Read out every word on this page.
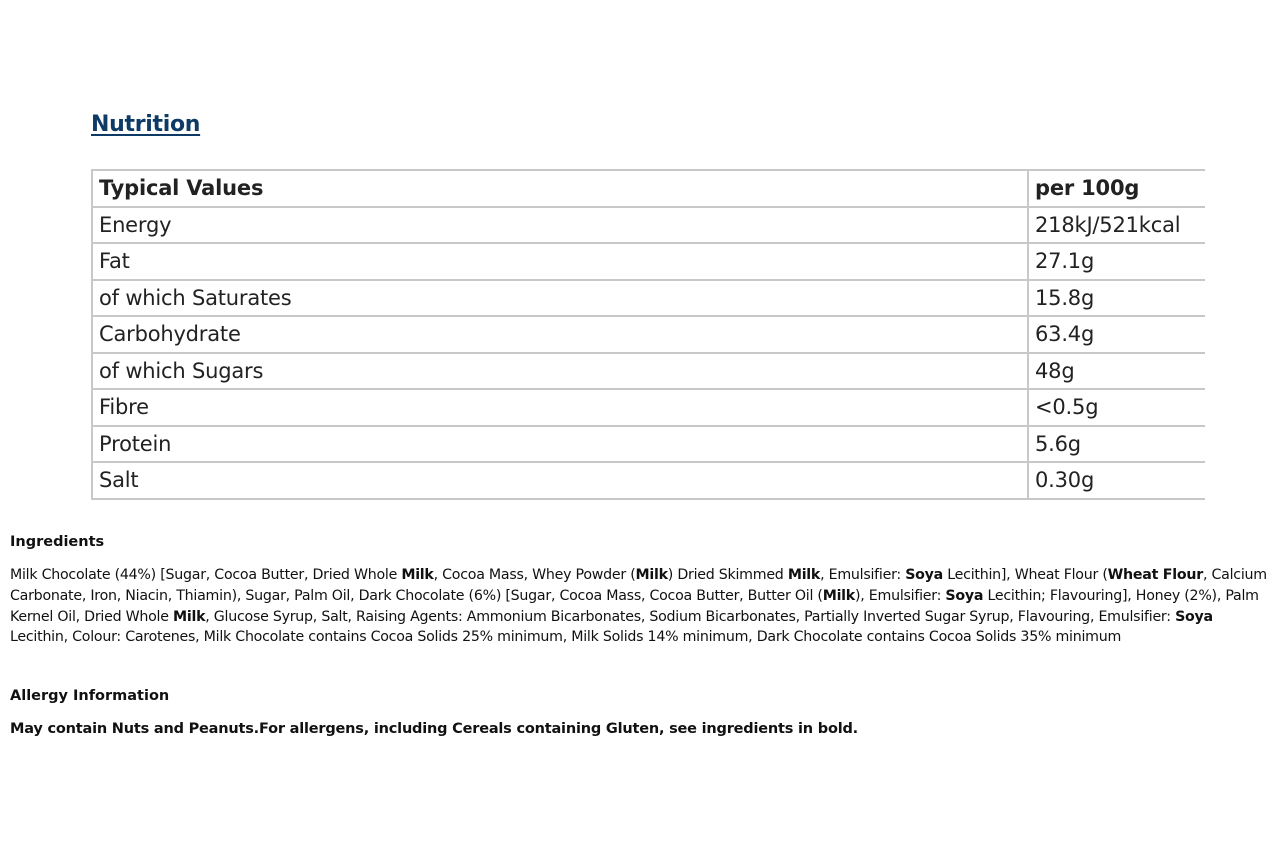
Nutrition
Typical Values	per 100g
Energy	218kJ/521kcal
Fat	27.1g
of which Saturates	15.8g
Carbohydrate	63.4g
of which Sugars	48g
Fibre	<0.5g
Protein	5.6g
Salt	0.30g
Ingredients

Milk Chocolate (44%) [Sugar, Cocoa Butter, Dried Whole Milk, Cocoa Mass, Whey Powder (Milk) Dried Skimmed Milk, Emulsifier: Soya Lecithin], Wheat Flour (Wheat Flour, Calcium Carbonate, Iron, Niacin, Thiamin), Sugar, Palm Oil, Dark Chocolate (6%) [Sugar, Cocoa Mass, Cocoa Butter, Butter Oil (Milk), Emulsifier: Soya Lecithin; Flavouring], Honey (2%), Palm Kernel Oil, Dried Whole Milk, Glucose Syrup, Salt, Raising Agents: Ammonium Bicarbonates, Sodium Bicarbonates, Partially Inverted Sugar Syrup, Flavouring, Emulsifier: Soya Lecithin, Colour: Carotenes, Milk Chocolate contains Cocoa Solids 25% minimum, Milk Solids 14% minimum, Dark Chocolate contains Cocoa Solids 35% minimum

Allergy Information

May contain Nuts and Peanuts.For allergens, including Cereals containing Gluten, see ingredients in bold.
